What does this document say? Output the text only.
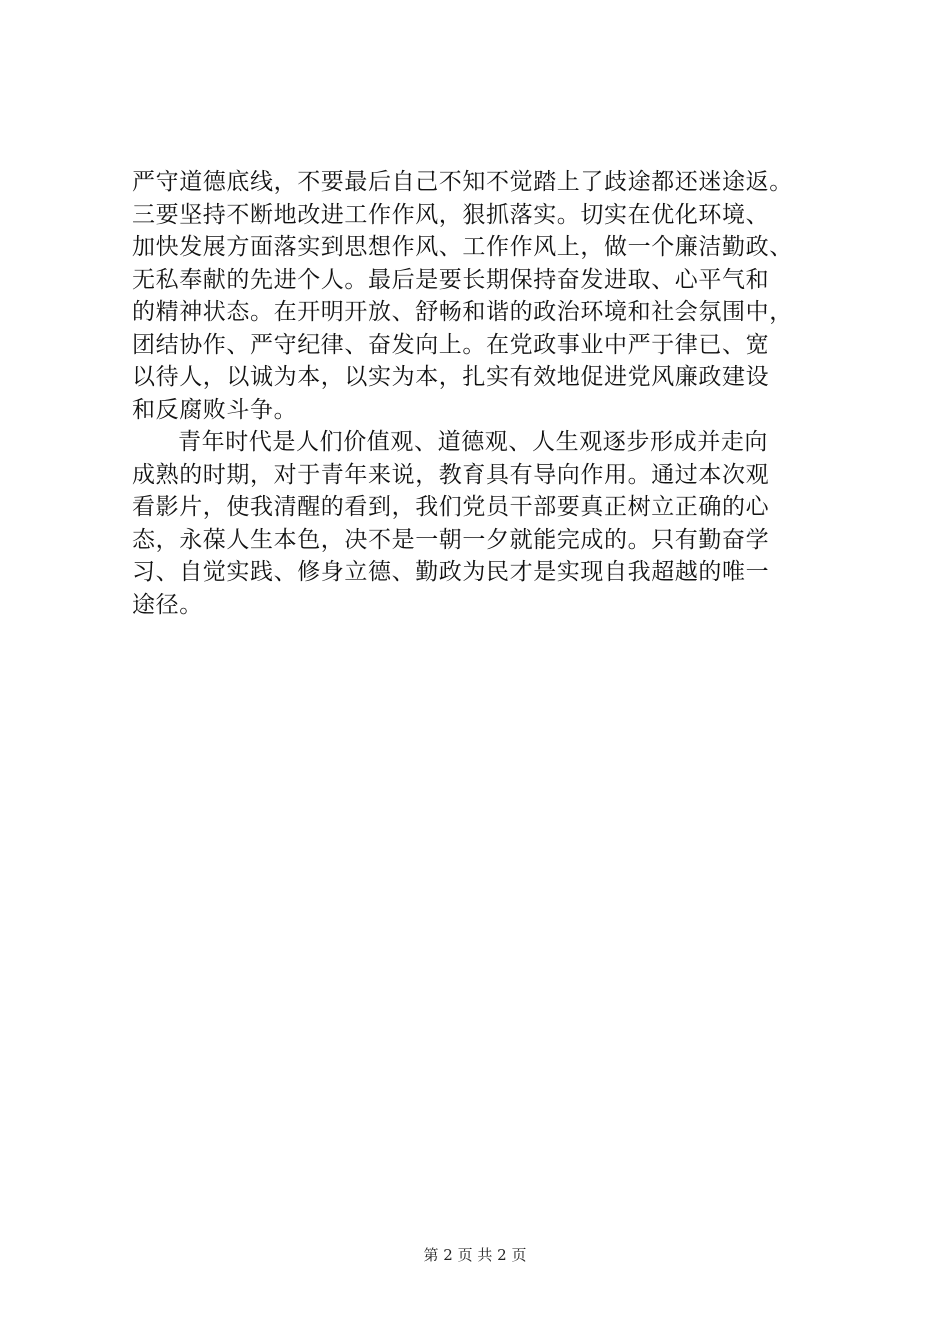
严守道德底线，不要最后自己不知不觉踏上了歧途都还迷途返。
三要坚持不断地改进工作作风，狠抓落实。切实在优化环境、
加快发展方面落实到思想作风、工作作风上，做一个廉洁勤政、
无私奉献的先进个人。最后是要长期保持奋发进取、心平气和
的精神状态。在开明开放、舒畅和谐的政治环境和社会氛围中，
团结协作、严守纪律、奋发向上。在党政事业中严于律已、宽
以待人，以诚为本，以实为本，扎实有效地促进党风廉政建设
和反腐败斗争。
青年时代是人们价值观、道德观、人生观逐步形成并走向
成熟的时期，对于青年来说，教育具有导向作用。通过本次观
看影片，使我清醒的看到，我们党员干部要真正树立正确的心
态，永葆人生本色，决不是一朝一夕就能完成的。只有勤奋学
习、自觉实践、修身立德、勤政为民才是实现自我超越的唯一
途径。
第 2 页 共 2 页
